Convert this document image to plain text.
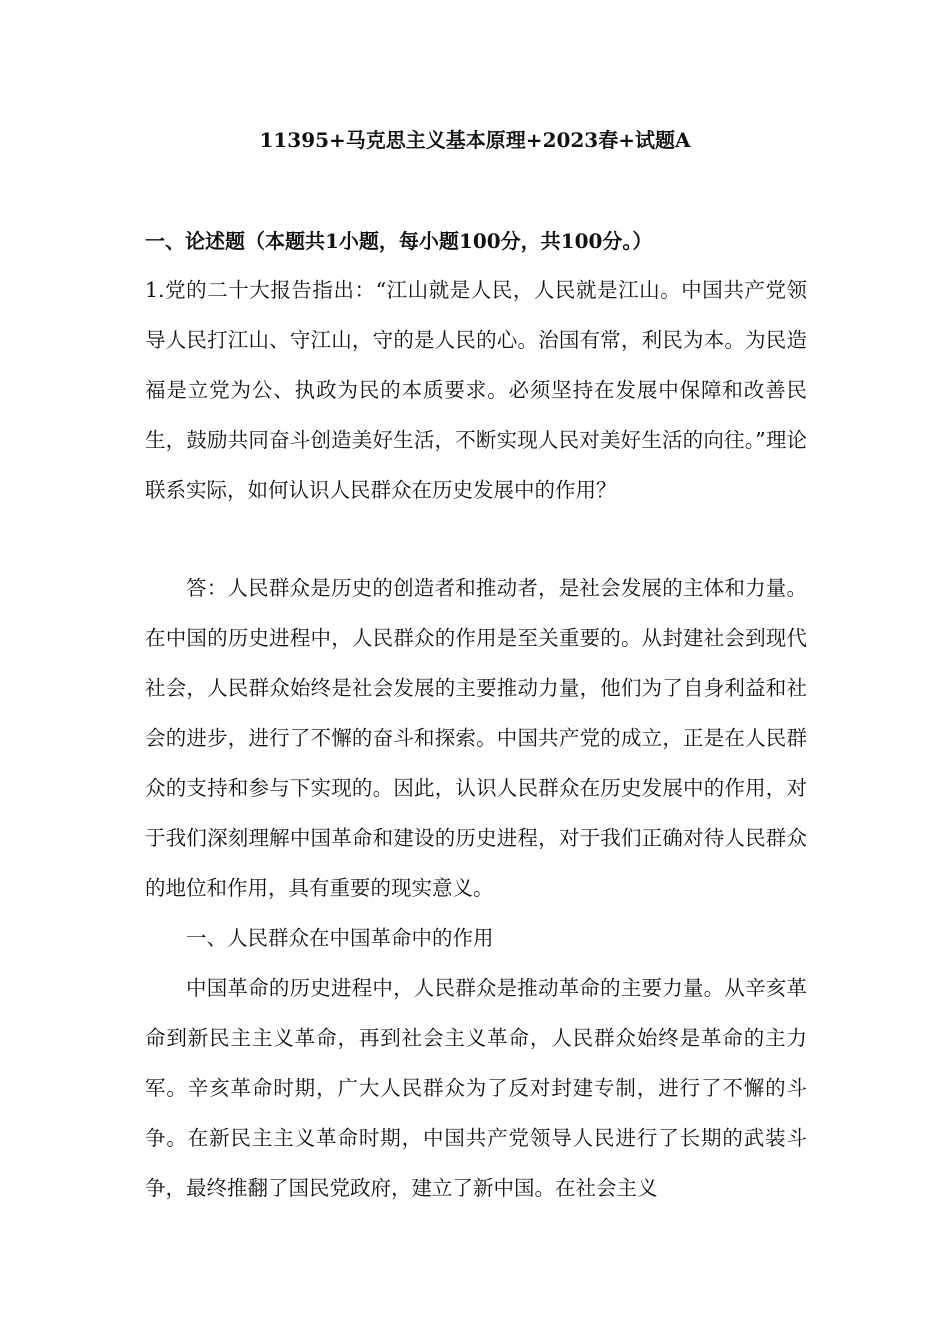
11395+马克思主义基本原理+2023春+试题A
一、论述题（本题共1小题，每小题100分，共100分。）

1.党的二十大报告指出：“江山就是人民，人民就是江山。中国共产党领导人民打江山、守江山，守的是人民的心。治国有常，利民为本。为民造福是立党为公、执政为民的本质要求。必须坚持在发展中保障和改善民生，鼓励共同奋斗创造美好生活，不断实现人民对美好生活的向往。”理论联系实际，如何认识人民群众在历史发展中的作用？

答：人民群众是历史的创造者和推动者，是社会发展的主体和力量。在中国的历史进程中，人民群众的作用是至关重要的。从封建社会到现代社会，人民群众始终是社会发展的主要推动力量，他们为了自身利益和社会的进步，进行了不懈的奋斗和探索。中国共产党的成立，正是在人民群众的支持和参与下实现的。因此，认识人民群众在历史发展中的作用，对于我们深刻理解中国革命和建设的历史进程，对于我们正确对待人民群众的地位和作用，具有重要的现实意义。

一、人民群众在中国革命中的作用

中国革命的历史进程中，人民群众是推动革命的主要力量。从辛亥革命到新民主主义革命，再到社会主义革命，人民群众始终是革命的主力军。辛亥革命时期，广大人民群众为了反对封建专制，进行了不懈的斗争。在新民主主义革命时期，中国共产党领导人民进行了长期的武装斗争，最终推翻了国民党政府，建立了新中国。在社会主义
